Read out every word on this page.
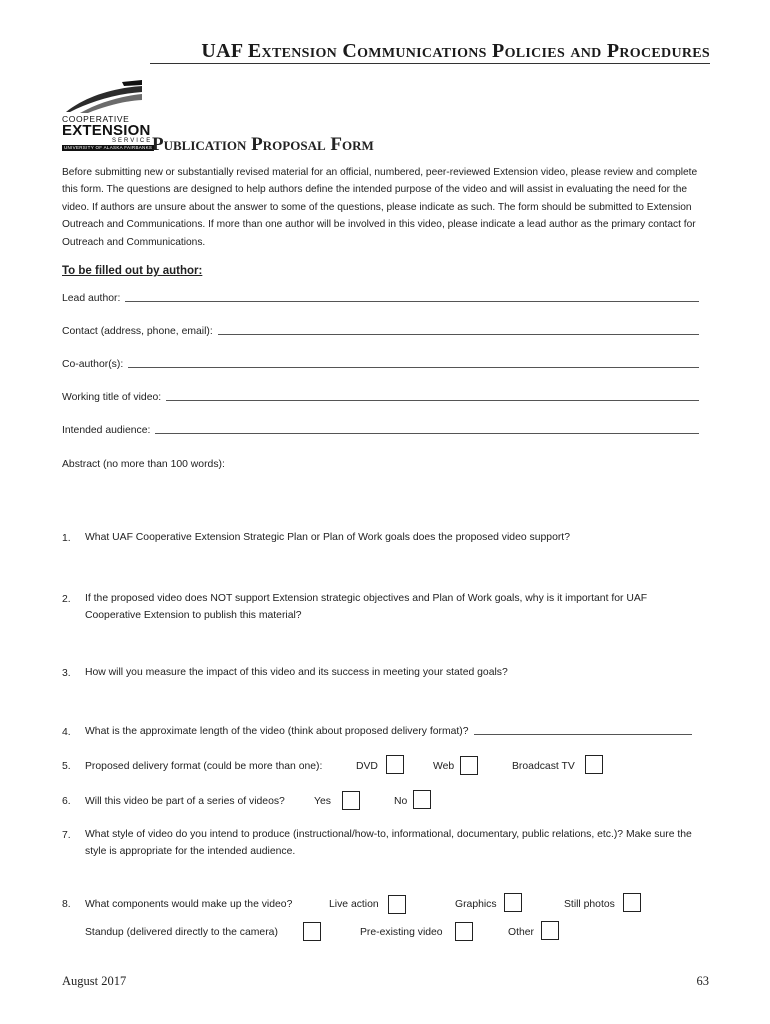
UAF Extension Communications Policies and Procedures
COOPERATIVE
EXTENSION
SERVICE
UNIVERSITY OF ALASKA FAIRBANKS Publication Proposal Form

Before submitting new or substantially revised material for an official, numbered, peer-reviewed Extension video, please review and complete this form. The questions are designed to help authors define the intended purpose of the video and will assist in evaluating the need for the video. If authors are unsure about the answer to some of the questions, please indicate as such. The form should be submitted to Extension Outreach and Communications. If more than one author will be involved in this video, please indicate a lead author as the primary contact for Outreach and Communications.

To be filled out by author:
Lead author:
Contact (address, phone, email):
Co-author(s):
Working title of video:
Intended audience:
Abstract (no more than 100 words):
1. What UAF Cooperative Extension Strategic Plan or Plan of Work goals does the proposed video support?
2. If the proposed video does NOT support Extension strategic objectives and Plan of Work goals, why is it important for UAF Cooperative Extension to publish this material?
3. How will you measure the impact of this video and its success in meeting your stated goals?
4. What is the approximate length of the video (think about proposed delivery format)?
5. Proposed delivery format (could be more than one):	DVD	Web	Broadcast TV
6. Will this video be part of a series of videos?	Yes	No
7. What style of video do you intend to produce (instructional/how-to, informational, documentary, public relations, etc.)? Make sure the style is appropriate for the intended audience.
8. What components would make up the video?	Live action	Graphics	Still photos
Standup (delivered directly to the camera)	Pre-existing video	Other
August 2017	63
